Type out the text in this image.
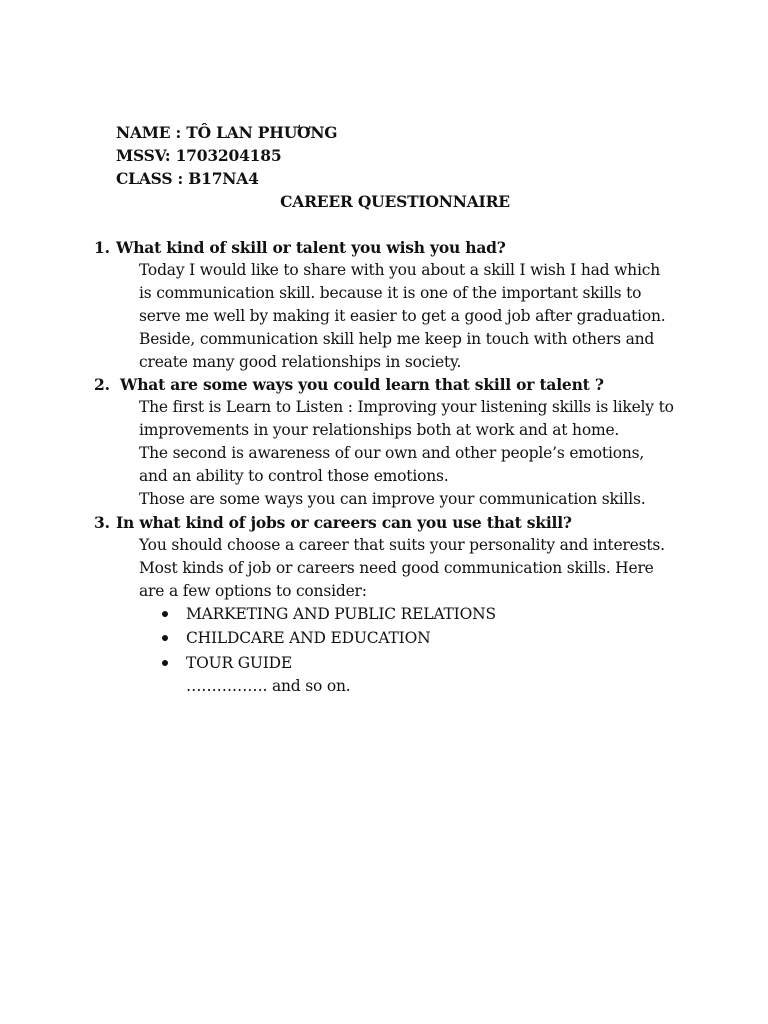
NAME : TÔ LAN PHƯƠNG
MSSV: 1703204185
CLASS : B17NA4
CAREER QUESTIONNAIRE
1. What kind of skill or talent you wish you had?
Today I would like to share with you about a skill I wish I had which
is communication skill. because it is one of the important skills to
serve me well by making it easier to get a good job after graduation.
Beside, communication skill help me keep in touch with others and
create many good relationships in society.
2. What are some ways you could learn that skill or talent ?
The first is Learn to Listen : Improving your listening skills is likely to
improvements in your relationships both at work and at home.
The second is awareness of our own and other people’s emotions,
and an ability to control those emotions.
Those are some ways you can improve your communication skills.
3. In what kind of jobs or careers can you use that skill?
You should choose a career that suits your personality and interests.
Most kinds of job or careers need good communication skills. Here
are a few options to consider:
MARKETING AND PUBLIC RELATIONS
CHILDCARE AND EDUCATION
TOUR GUIDE
……………. and so on.
